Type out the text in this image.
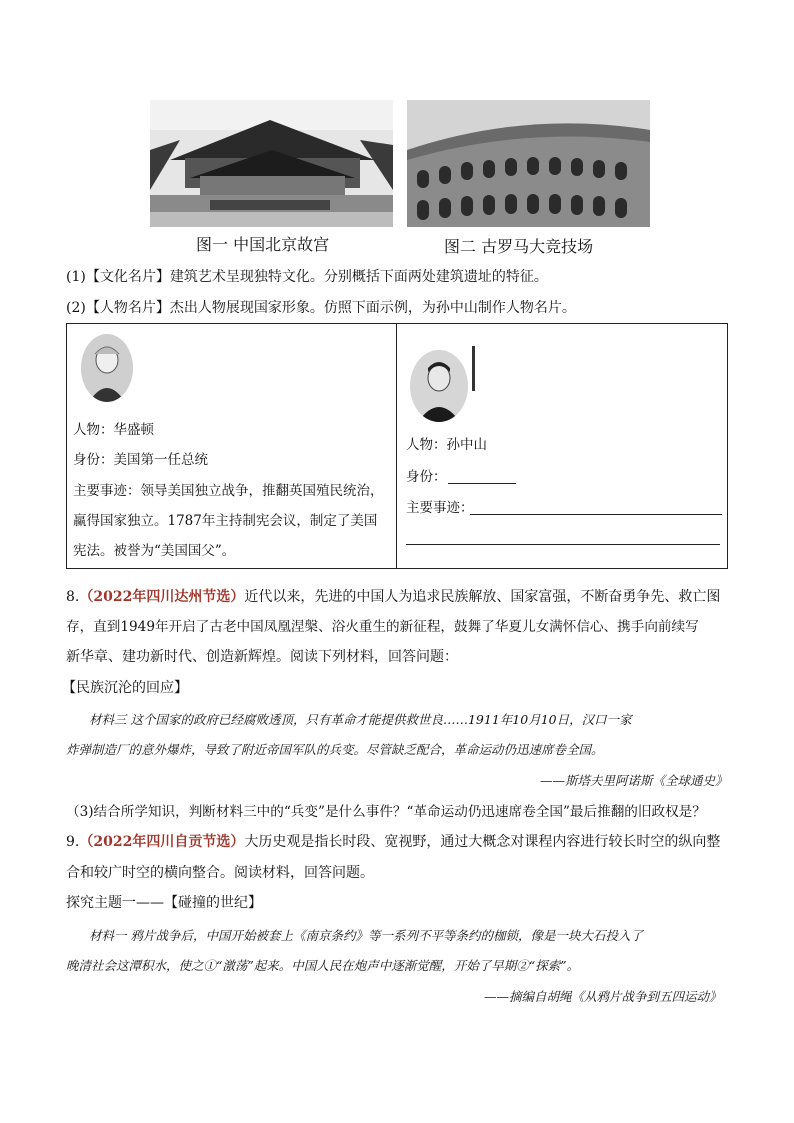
图一 中国北京故宫	图二 古罗马大竞技场
(1)【文化名片】建筑艺术呈现独特文化。分别概括下面两处建筑遗址的特征。
(2)【人物名片】杰出人物展现国家形象。仿照下面示例，为孙中山制作人物名片。
人物：华盛顿
身份：美国第一任总统
主要事迹：领导美国独立战争，推翻英国殖民统治，
赢得国家独立。1787年主持制宪会议，制定了美国
宪法。被誉为“美国国父”。
人物：孙中山
身份：
主要事迹：
8.（2022年四川达州节选）近代以来，先进的中国人为追求民族解放、国家富强，不断奋勇争先、救亡图
存，直到1949年开启了古老中国凤凰涅槃、浴火重生的新征程，鼓舞了华夏儿女满怀信心、携手向前续写
新华章、建功新时代、创造新辉煌。阅读下列材料，回答问题：
【民族沉沦的回应】
材料三 这个国家的政府已经腐败透顶，只有革命才能提供救世良……1911年10月10日，汉口一家
炸弹制造厂的意外爆炸，导致了附近帝国军队的兵变。尽管缺乏配合，革命运动仍迅速席卷全国。
——斯塔夫里阿诺斯《全球通史》
（3)结合所学知识，判断材料三中的“兵变”是什么事件？“革命运动仍迅速席卷全国”最后推翻的旧政权是？
9.（2022年四川自贡节选）大历史观是指长时段、宽视野，通过大概念对课程内容进行较长时空的纵向整
合和较广时空的横向整合。阅读材料，回答问题。
探究主题一——【碰撞的世纪】
材料一 鸦片战争后，中国开始被套上《南京条约》等一系列不平等条约的枷锁，像是一块大石投入了
晚清社会这潭积水，使之①“激荡”起来。中国人民在炮声中逐渐觉醒，开始了早期②“探索”。
——摘编自胡绳《从鸦片战争到五四运动》
